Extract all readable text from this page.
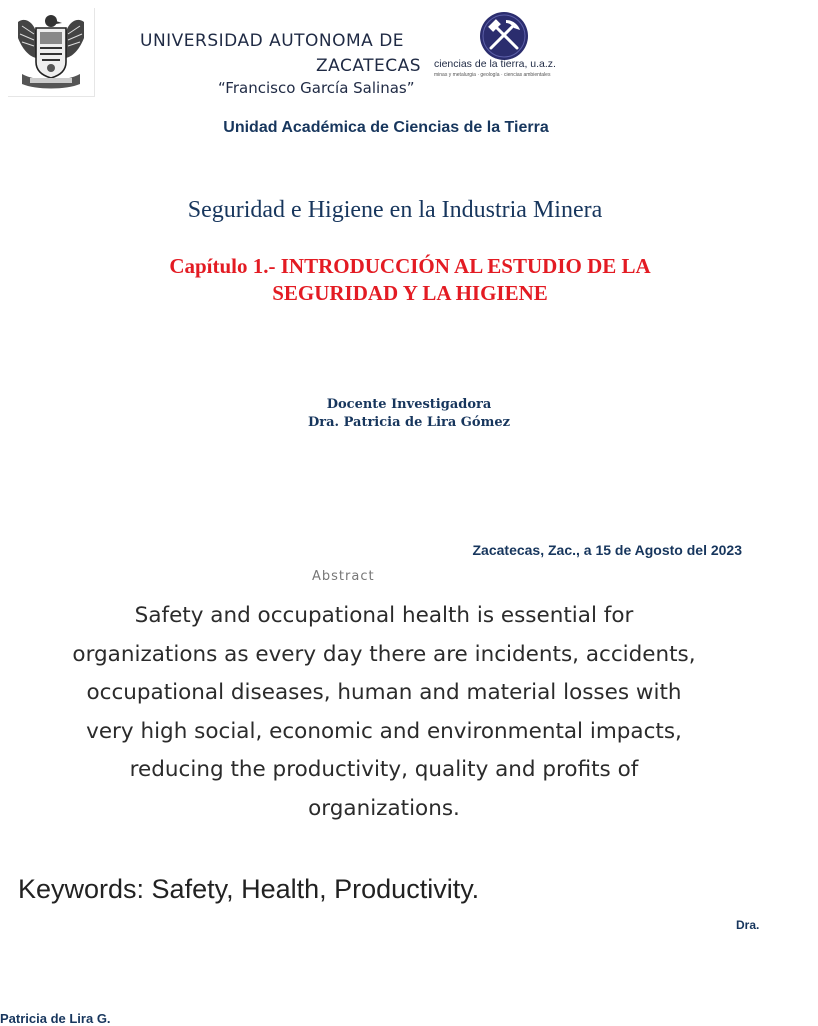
UNIVERSIDAD AUTONOMA DE
ZACATECAS
“Francisco García Salinas”
ciencias de la tierra, u.a.z.
minas y metalurgia · geología · ciencias ambientales
Unidad Académica de Ciencias de la Tierra
Seguridad e Higiene en la Industria Minera
Capítulo 1.- INTRODUCCIÓN AL ESTUDIO DE LA
SEGURIDAD Y LA HIGIENE
Docente Investigadora
Dra. Patricia de Lira Gómez
Zacatecas, Zac., a 15 de Agosto del 2023
Abstract
Safety and occupational health is essential for
organizations as every day there are incidents, accidents,
occupational diseases, human and material losses with
very high social, economic and environmental impacts,
reducing the productivity, quality and profits of
organizations.
Keywords: Safety, Health, Productivity.
Dra.
Patricia de Lira G.
